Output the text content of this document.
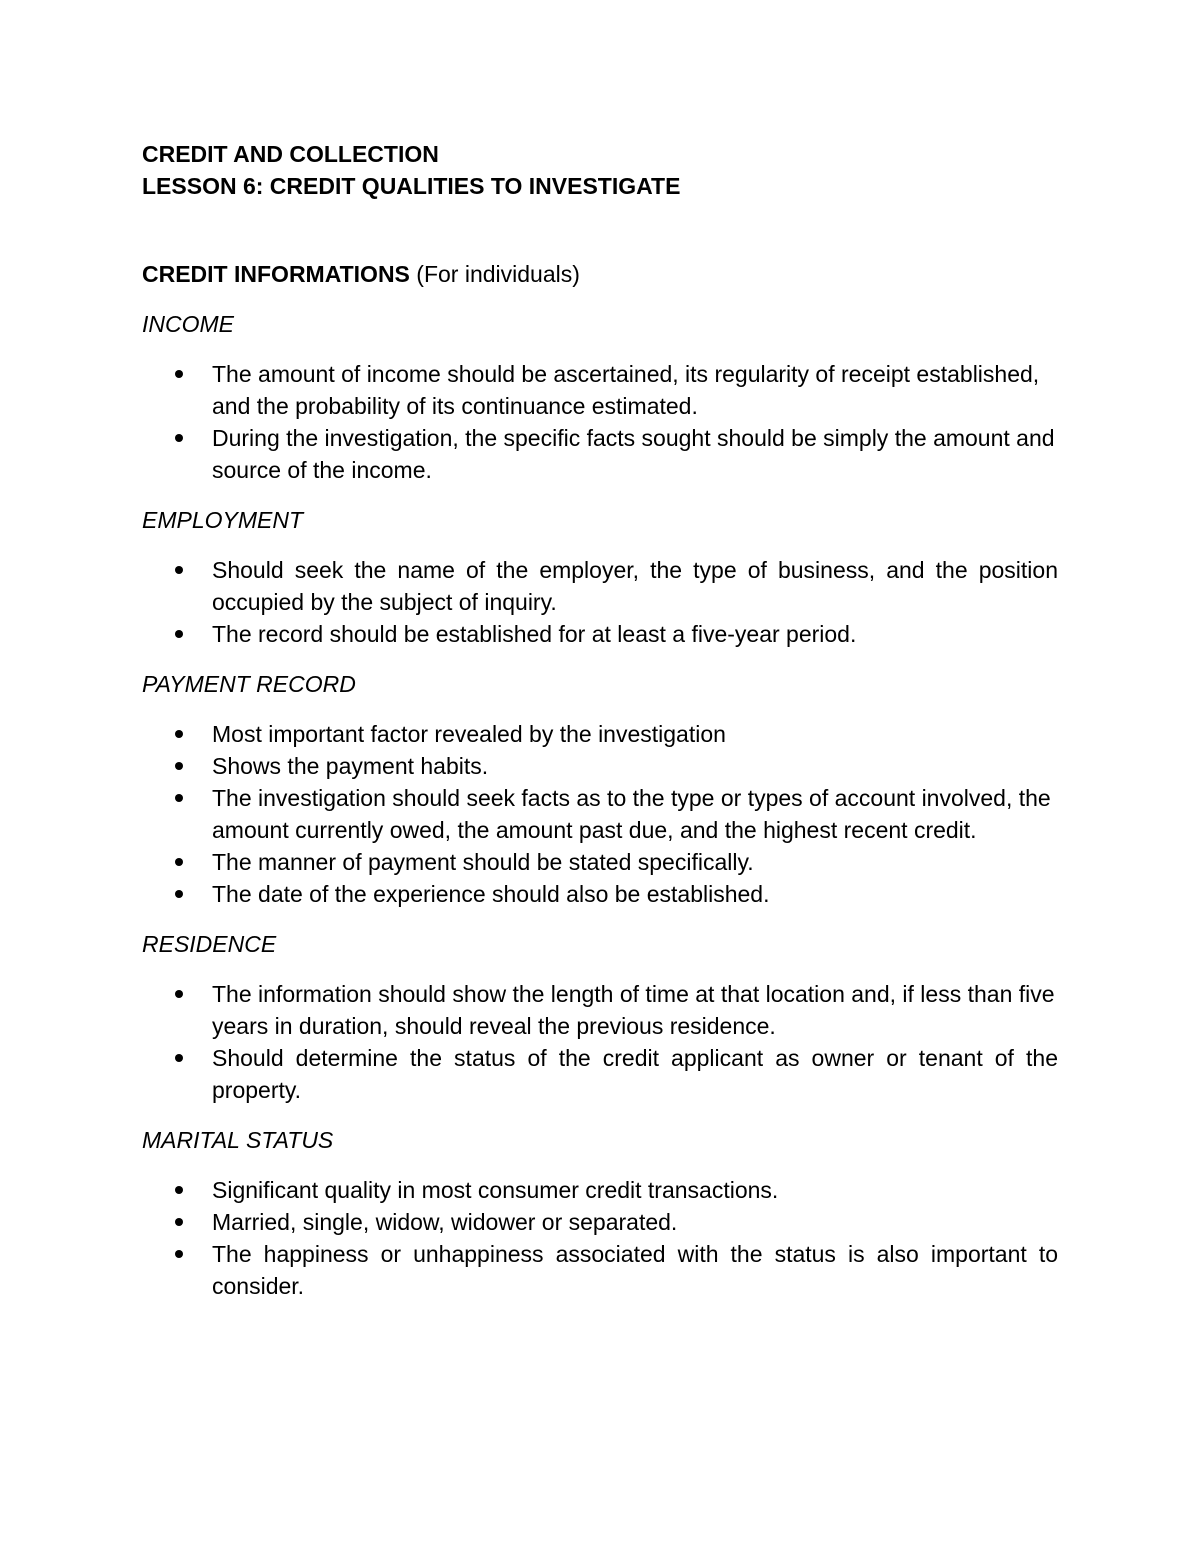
CREDIT AND COLLECTION

LESSON 6: CREDIT QUALITIES TO INVESTIGATE

CREDIT INFORMATIONS (For individuals)

INCOME

The amount of income should be ascertained, its regularity of receipt established, and the probability of its continuance estimated.
During the investigation, the specific facts sought should be simply the amount and source of the income.

EMPLOYMENT

Should seek the name of the employer, the type of business, and the position occupied by the subject of inquiry.
The record should be established for at least a five-year period.

PAYMENT RECORD

Most important factor revealed by the investigation
Shows the payment habits.
The investigation should seek facts as to the type or types of account involved, the amount currently owed, the amount past due, and the highest recent credit.
The manner of payment should be stated specifically.
The date of the experience should also be established.

RESIDENCE

The information should show the length of time at that location and, if less than five years in duration, should reveal the previous residence.
Should determine the status of the credit applicant as owner or tenant of the property.

MARITAL STATUS

Significant quality in most consumer credit transactions.
Married, single, widow, widower or separated.
The happiness or unhappiness associated with the status is also important to consider.
